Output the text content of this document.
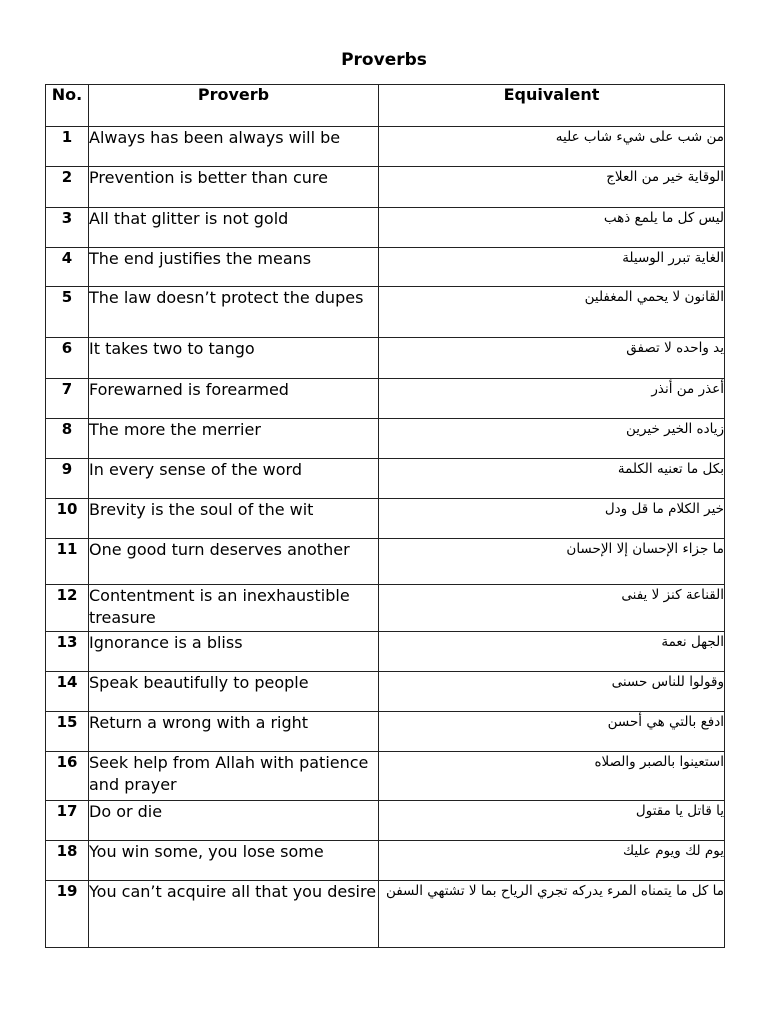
Proverbs
No.	Proverb	Equivalent
1	Always has been always will be	من شب على شيء شاب عليه
2	Prevention is better than cure	الوقاية خير من العلاج
3	All that glitter is not gold	ليس كل ما يلمع ذهب
4	The end justifies the means	الغاية تبرر الوسيلة
5	The law doesn’t protect the dupes	القانون لا يحمي المغفلين
6	It takes two to tango	يد واحده لا تصفق
7	Forewarned is forearmed	أعذر من أنذر
8	The more the merrier	زياده الخير خيرين
9	In every sense of the word	بكل ما تعنيه الكلمة
10	Brevity is the soul of the wit	خير الكلام ما قل ودل
11	One good turn deserves another	ما جزاء الإحسان إلا الإحسان
12	Contentment is an inexhaustible treasure	القناعة كنز لا يفنى
13	Ignorance is a bliss	الجهل نعمة
14	Speak beautifully to people	وقولوا للناس حسنى
15	Return a wrong with a right	ادفع بالتي هي أحسن
16	Seek help from Allah with patience and prayer	استعينوا بالصبر والصلاه
17	Do or die	يا قاتل يا مقتول
18	You win some, you lose some	يوم لك ويوم عليك
19	You can’t acquire all that you desire	ما كل ما يتمناه المرء يدركه تجري الرياح بما لا تشتهي السفن
